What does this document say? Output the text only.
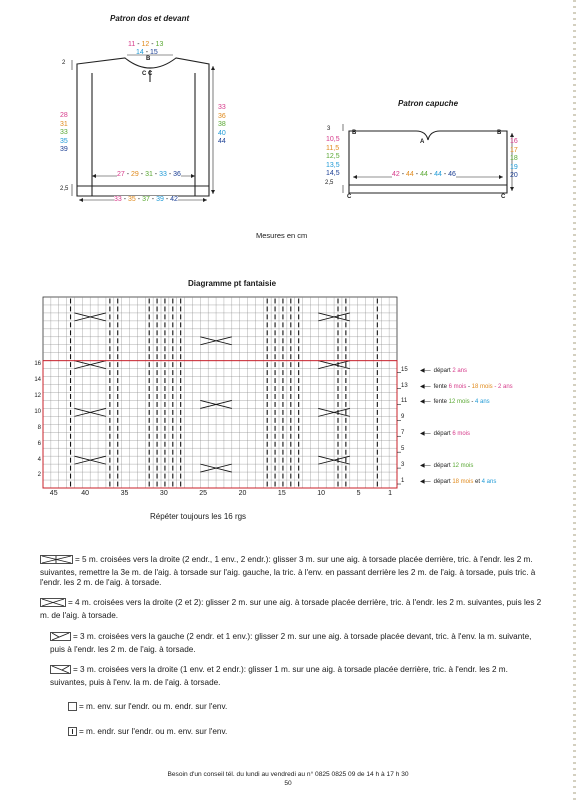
Patron dos et devant
11 - 12 - 13
14 - 15
B
C C
2
28
31
33
35
39
33
36
38
40
44
27 - 29 - 31 - 33 - 36
33 - 35 - 37 - 39 - 42
2,5
Patron capuche
3
B	B
A
C	C
2,5
10,5
11,5
12,5
13,5
14,5
16
17
18
19
20
42 - 44 - 44 - 44 - 46
Mesures en cm
Diagramme pt fantaisie
16
14
12
10
8
6
4
2
15
13
11
9
7
5
3
1
45	40	35	30	25	20	15	10	5	1
◀— départ 2 ans
◀— fente 6 mois - 18 mois - 2 ans
◀— fente 12 mois - 4 ans
◀— départ 6 mois
◀— départ 12 mois
◀— départ 18 mois et 4 ans
Répéter toujours les 16 rgs
= 5 m. croisées vers la droite (2 endr., 1 env., 2 endr.): glisser 3 m. sur une aig. à torsade placée derrière, tric. à l'endr. les 2 m. suivantes, remettre la 3e m. de l'aig. à torsade sur l'aig. gauche, la tric. à l'env. en passant derrière les 2 m. de l'aig. à torsade, puis tric. à l'endr. les 2 m. de l'aig. à torsade.
= 4 m. croisées vers la droite (2 et 2): glisser 2 m. sur une aig. à torsade placée derrière, tric. à l'endr. les 2 m. suivantes, puis les 2 m. de l'aig. à torsade.
= 3 m. croisées vers la gauche (2 endr. et 1 env.): glisser 2 m. sur une aig. à torsade placée devant, tric. à l'env. la m. suivante, puis à l'endr. les 2 m. de l'aig. à torsade.
= 3 m. croisées vers la droite (1 env. et 2 endr.): glisser 1 m. sur une aig. à torsade placée derrière, tric. à l'endr. les 2 m. suivantes, puis à l'env. la m. de l'aig. à torsade.
= m. env. sur l'endr. ou m. endr. sur l'env.
= m. endr. sur l'endr. ou m. env. sur l'env.
Besoin d'un conseil tél. du lundi au vendredi au n° 0825 0825 09 de 14 h à 17 h 30
50
